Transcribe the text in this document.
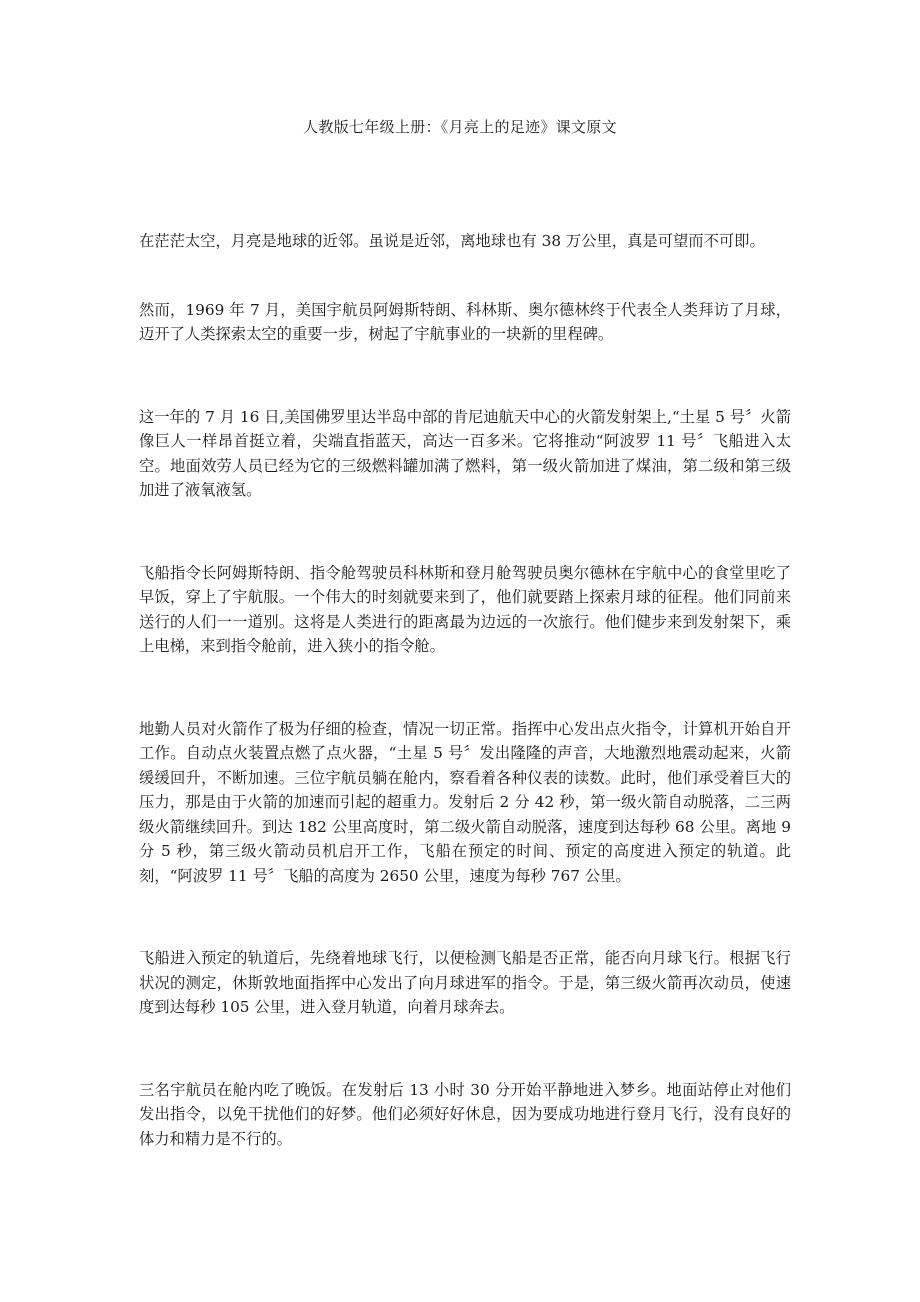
人教版七年级上册：《月亮上的足迹》课文原文

在茫茫太空，月亮是地球的近邻。虽说是近邻，离地球也有 38 万公里，真是可望而不可即。

然而，1969 年 7 月，美国宇航员阿姆斯特朗、科林斯、奥尔德林终于代表全人类拜访了月球，迈开了人类探索太空的重要一步，树起了宇航事业的一块新的里程碑。

这一年的 7 月 16 日,美国佛罗里达半岛中部的肯尼迪航天中心的火箭发射架上,“土星 5 号〞火箭像巨人一样昂首挺立着，尖端直指蓝天，高达一百多米。它将推动“阿波罗 11 号〞飞船进入太空。地面效劳人员已经为它的三级燃料罐加满了燃料，第一级火箭加进了煤油，第二级和第三级加进了液氧液氢。

飞船指令长阿姆斯特朗、指令舱驾驶员科林斯和登月舱驾驶员奥尔德林在宇航中心的食堂里吃了早饭，穿上了宇航服。一个伟大的时刻就要来到了，他们就要踏上探索月球的征程。他们同前来送行的人们一一道别。这将是人类进行的距离最为边远的一次旅行。他们健步来到发射架下，乘上电梯，来到指令舱前，进入狭小的指令舱。

地勤人员对火箭作了极为仔细的检查，情况一切正常。指挥中心发出点火指令，计算机开始自开工作。自动点火装置点燃了点火器，“土星 5 号〞发出隆隆的声音，大地激烈地震动起来，火箭缓缓回升，不断加速。三位宇航员躺在舱内，察看着各种仪表的读数。此时，他们承受着巨大的压力，那是由于火箭的加速而引起的超重力。发射后 2 分 42 秒，第一级火箭自动脱落，二三两级火箭继续回升。到达 182 公里高度时，第二级火箭自动脱落，速度到达每秒 68 公里。离地 9 分 5 秒，第三级火箭动员机启开工作，飞船在预定的时间、预定的高度进入预定的轨道。此刻，“阿波罗 11 号〞飞船的高度为 2650 公里，速度为每秒 767 公里。

飞船进入预定的轨道后，先绕着地球飞行，以便检测飞船是否正常，能否向月球飞行。根据飞行状况的测定，休斯敦地面指挥中心发出了向月球进军的指令。于是，第三级火箭再次动员，使速度到达每秒 105 公里，进入登月轨道，向着月球奔去。

三名宇航员在舱内吃了晚饭。在发射后 13 小时 30 分开始平静地进入梦乡。地面站停止对他们发出指令，以免干扰他们的好梦。他们必须好好休息，因为要成功地进行登月飞行，没有良好的体力和精力是不行的。
